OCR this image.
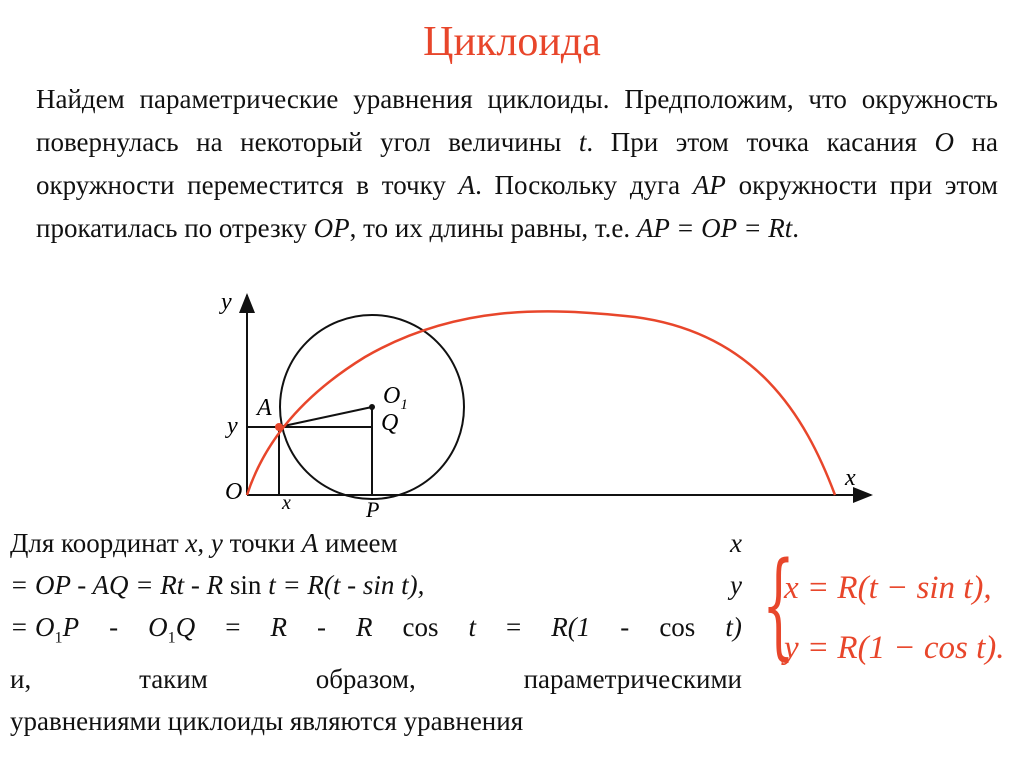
Циклоида
Найдем параметрические уравнения циклоиды. Предположим, что окружность повернулась на некоторый угол величины t. При этом точка касания O на окружности переместится в точку A. Поскольку дуга AP окружности при этом прокатилась по отрезку OP, то их длины равны, т.е. AP = OP = Rt.
y
x
O
A	$O_1$
Q
P
x
y
Для координат x, y точки A имеем	x
= OP - AQ = Rt - R sin t = R(t - sin t),	y
= $O_1P - O_1Q = R - R$ cos t = R(1 - cos t)
и,	таким	образом,	параметрическими
уравнениями циклоиды являются уравнения
{
x = R(t − sin t),
y = R(1 − cos t).
